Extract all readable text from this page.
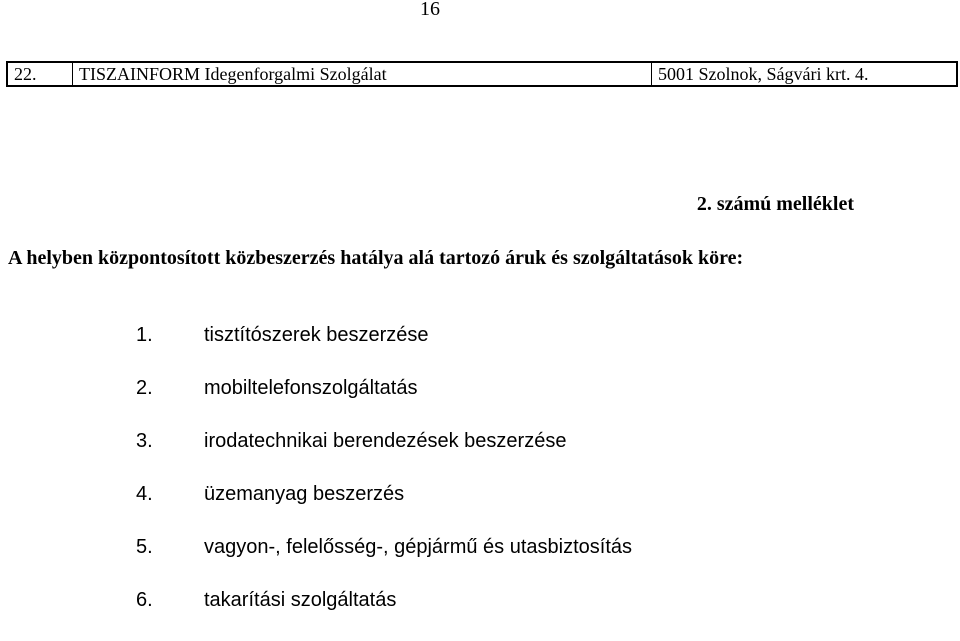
16
22.	TISZAINFORM Idegenforgalmi Szolgálat	5001 Szolnok, Ságvári krt. 4.
2. számú melléklet
A helyben központosított közbeszerzés hatálya alá tartozó áruk és szolgáltatások köre:
1.	tisztítószerek beszerzése
2.	mobiltelefonszolgáltatás
3.	irodatechnikai berendezések beszerzése
4.	üzemanyag beszerzés
5.	vagyon-, felelősség-, gépjármű és utasbiztosítás
6.	takarítási szolgáltatás
